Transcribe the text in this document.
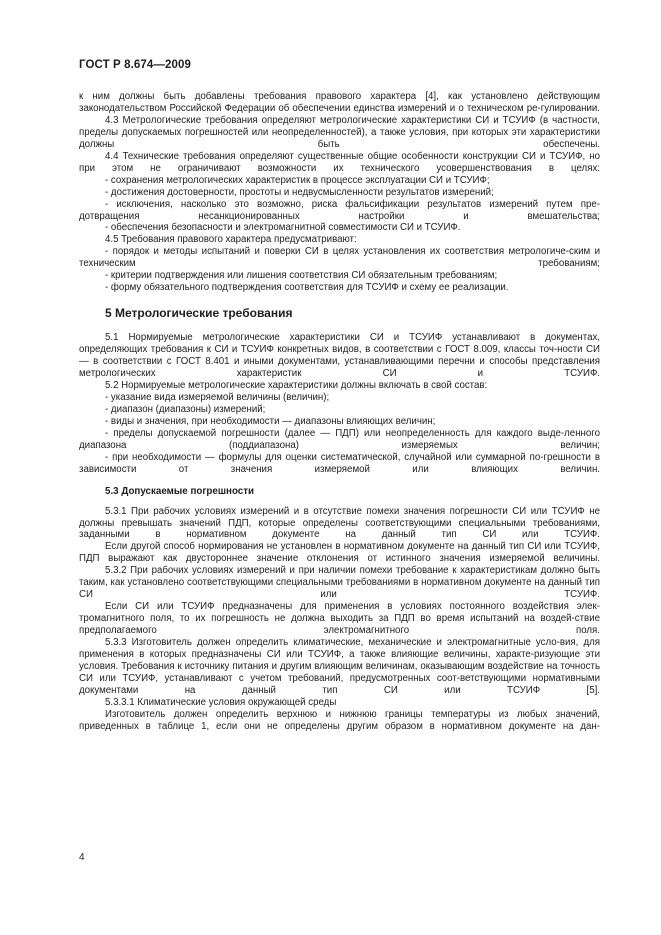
ГОСТ Р 8.674—2009

к ним должны быть добавлены требования правового характера [4], как установлено действующим законодательством Российской Федерации об обеспечении единства измерений и о техническом ре-гулировании.

4.3 Метрологические требования определяют метрологические характеристики СИ и ТСУИФ (в частности, пределы допускаемых погрешностей или неопределенностей), а также условия, при которых эти характеристики должны быть обеспечены.

4.4 Технические требования определяют существенные общие особенности конструкции СИ и ТСУИФ, но при этом не ограничивают возможности их технического усовершенствования в целях:

- сохранения метрологических характеристик в процессе эксплуатации СИ и ТСУИФ;

- достижения достоверности, простоты и недвусмысленности результатов измерений;

- исключения, насколько это возможно, риска фальсификации результатов измерений путем пре-дотвращения несанкционированных настройки и вмешательства;

- обеспечения безопасности и электромагнитной совместимости СИ и ТСУИФ.

4.5 Требования правового характера предусматривают:

- порядок и методы испытаний и поверки СИ в целях установления их соответствия метрологиче-ским и техническим требованиям;

- критерии подтверждения или лишения соответствия СИ обязательным требованиям;

- форму обязательного подтверждения соответствия для ТСУИФ и схему ее реализации.

5 Метрологические требования

5.1 Нормируемые метрологические характеристики СИ и ТСУИФ устанавливают в документах, определяющих требования к СИ и ТСУИФ конкретных видов, в соответствии с ГОСТ 8.009, классы точ-ности СИ — в соответствии с ГОСТ 8.401 и иными документами, устанавливающими перечни и способы представления метрологических характеристик СИ и ТСУИФ.

5.2 Нормируемые метрологические характеристики должны включать в свой состав:

- указание вида измеряемой величины (величин);

- диапазон (диапазоны) измерений;

- виды и значения, при необходимости — диапазоны влияющих величин;

- пределы допускаемой погрешности (далее — ПДП) или неопределенность для каждого выде-ленного диапазона (поддиапазона) измеряемых величин;

- при необходимости — формулы для оценки систематической, случайной или суммарной по-грешности в зависимости от значения измеряемой или влияющих величин.

5.3 Допускаемые погрешности

5.3.1 При рабочих условиях измерений и в отсутствие помехи значения погрешности СИ или ТСУИФ не должны превышать значений ПДП, которые определены соответствующими специальными требованиями, заданными в нормативном документе на данный тип СИ или ТСУИФ.

Если другой способ нормирования не установлен в нормативном документе на данный тип СИ или ТСУИФ, ПДП выражают как двустороннее значение отклонения от истинного значения измеряемой величины.

5.3.2 При рабочих условиях измерений и при наличии помехи требование к характеристикам должно быть таким, как установлено соответствующими специальными требованиями в нормативном документе на данный тип СИ или ТСУИФ.

Если СИ или ТСУИФ предназначены для применения в условиях постоянного воздействия элек-тромагнитного поля, то их погрешность не должна выходить за ПДП во время испытаний на воздей-ствие предполагаемого электромагнитного поля.

5.3.3 Изготовитель должен определить климатические, механические и электромагнитные усло-вия, для применения в которых предназначены СИ или ТСУИФ, а также влияющие величины, характе-ризующие эти условия. Требования к источнику питания и другим влияющим величинам, оказывающим воздействие на точность СИ или ТСУИФ, устанавливают с учетом требований, предусмотренных соот-ветствующими нормативными документами на данный тип СИ или ТСУИФ [5].

5.3.3.1 Климатические условия окружающей среды

Изготовитель должен определить верхнюю и нижнюю границы температуры из любых значений, приведенных в таблице 1, если они не определены другим образом в нормативном документе на дан-

4
